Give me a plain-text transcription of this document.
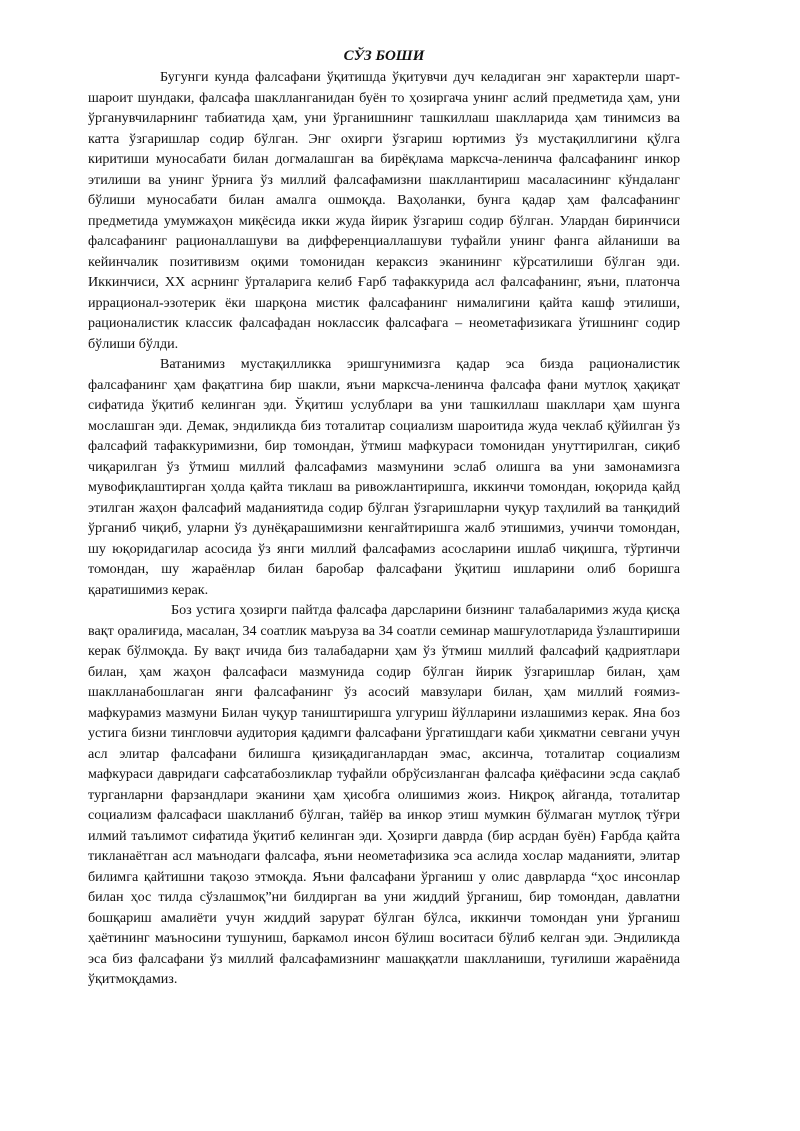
СЎЗ БОШИ

Бугунги кунда фалсафани ўқитишда ўқитувчи дуч келадиган энг характерли шарт-шароит шундаки, фалсафа шаклланганидан буён то ҳозиргача унинг аслий предметида ҳам, уни ўрганувчиларнинг табиатида ҳам, уни ўрганишнинг ташкиллаш шаклларида ҳам тинимсиз ва катта ўзгаришлар содир бўлган. Энг охирги ўзгариш юртимиз ўз мустақиллигини қўлга киритиши муносабати билан догмалашган ва бирёқлама марксча-ленинча фалсафанинг инкор этилиши ва унинг ўрнига ўз миллий фалсафамизни шакллантириш масаласининг кўндаланг бўлиши муносабати билан амалга ошмоқда. Ваҳоланки, бунга қадар ҳам фалсафанинг предметида умумжаҳон миқёсида икки жуда йирик ўзгариш содир бўлган. Улардан биринчиси фалсафанинг рационаллашуви ва дифференциаллашуви туфайли унинг фанга айланиши ва кейинчалик позитивизм оқими томонидан кераксиз эканининг кўрсатилиши бўлган эди. Иккинчиси, XX асрнинг ўрталарига келиб Ғарб тафаккурида асл фалсафанинг, яъни, платонча иррационал-эзотерик ёки шарқона мистик фалсафанинг нималигини қайта кашф этилиши, рационалистик классик фалсафадан ноклассик фалсафага – неометафизикага ўтишнинг содир бўлиши бўлди.

Ватанимиз мустақилликка эришгунимизга қадар эса бизда рационалистик фалсафанинг ҳам фақатгина бир шакли, яъни марксча-ленинча фалсафа фани мутлоқ ҳақиқат сифатида ўқитиб келинган эди. Ўқитиш услублари ва уни ташкиллаш шакллари ҳам шунга мослашган эди. Демак, эндиликда биз тоталитар социализм шароитида жуда чеклаб қўйилган ўз фалсафий тафаккуримизни, бир томондан, ўтмиш мафкураси томонидан унуттирилган, сиқиб чиқарилган ўз ўтмиш миллий фалсафамиз мазмунини эслаб олишга ва уни замонамизга мувофиқлаштирган ҳолда қайта тиклаш ва ривожлантиришга, иккинчи томондан, юқорида қайд этилган жаҳон фалсафий маданиятида содир бўлган ўзгаришларни чуқур таҳлилий ва танқидий ўрганиб чиқиб, уларни ўз дунёқарашимизни кенгайтиришга жалб этишимиз, учинчи томондан, шу юқоридагилар асосида ўз янги миллий фалсафамиз асосларини ишлаб чиқишга, тўртинчи томондан, шу жараёнлар билан баробар фалсафани ўқитиш ишларини олиб боришга қаратишимиз керак.

Боз устига ҳозирги пайтда фалсафа дарсларини бизнинг талабаларимиз жуда қисқа вақт оралиғида, масалан, 34 соатлик маъруза ва 34 соатли семинар машғулотларида ўзлаштириши керак бўлмоқда. Бу вақт ичида биз талабадарни ҳам ўз ўтмиш миллий фалсафий қадриятлари билан, ҳам жаҳон фалсафаси мазмунида содир бўлган йирик ўзгаришлар билан, ҳам шаклланабошлаган янги фалсафанинг ўз асосий мавзулари билан, ҳам миллий ғоямиз-мафкурамиз мазмуни Билан чуқур таништиришга улгуриш йўлларини излашимиз керак. Яна боз устига бизни тингловчи аудитория қадимги фалсафани ўргатишдаги каби ҳикматни севгани учун асл элитар фалсафани билишга қизиқадиганлардан эмас, аксинча, тоталитар социализм мафкураси давридаги сафсатабозликлар туфайли обрўсизланган фалсафа қиёфасини эсда сақлаб турганларни фарзандлари эканини ҳам ҳисобга олишимиз жоиз. Ниқроқ айганда, тоталитар социализм фалсафаси шаклланиб бўлган, тайёр ва инкор этиш мумкин бўлмаган мутлоқ тўғри илмий таълимот сифатида ўқитиб келинган эди. Ҳозирги даврда (бир асрдан буён) Ғарбда қайта тикланаётган асл маънодаги фалсафа, яъни неометафизика эса аслида хослар маданияти, элитар билимга қайтишни тақозо этмоқда. Яъни фалсафани ўрганиш у олис даврларда “ҳос инсонлар билан ҳос тилда сўзлашмоқ”ни билдирган ва уни жиддий ўрганиш, бир томондан, давлатни бошқариш амалиёти учун жиддий зарурат бўлган бўлса, иккинчи томондан уни ўрганиш ҳаётининг маъносини тушуниш, баркамол инсон бўлиш воситаси бўлиб келган эди. Эндиликда эса биз фалсафани ўз миллий фалсафамизнинг машаққатли шаклланиши, туғилиши жараёнида ўқитмоқдамиз.
